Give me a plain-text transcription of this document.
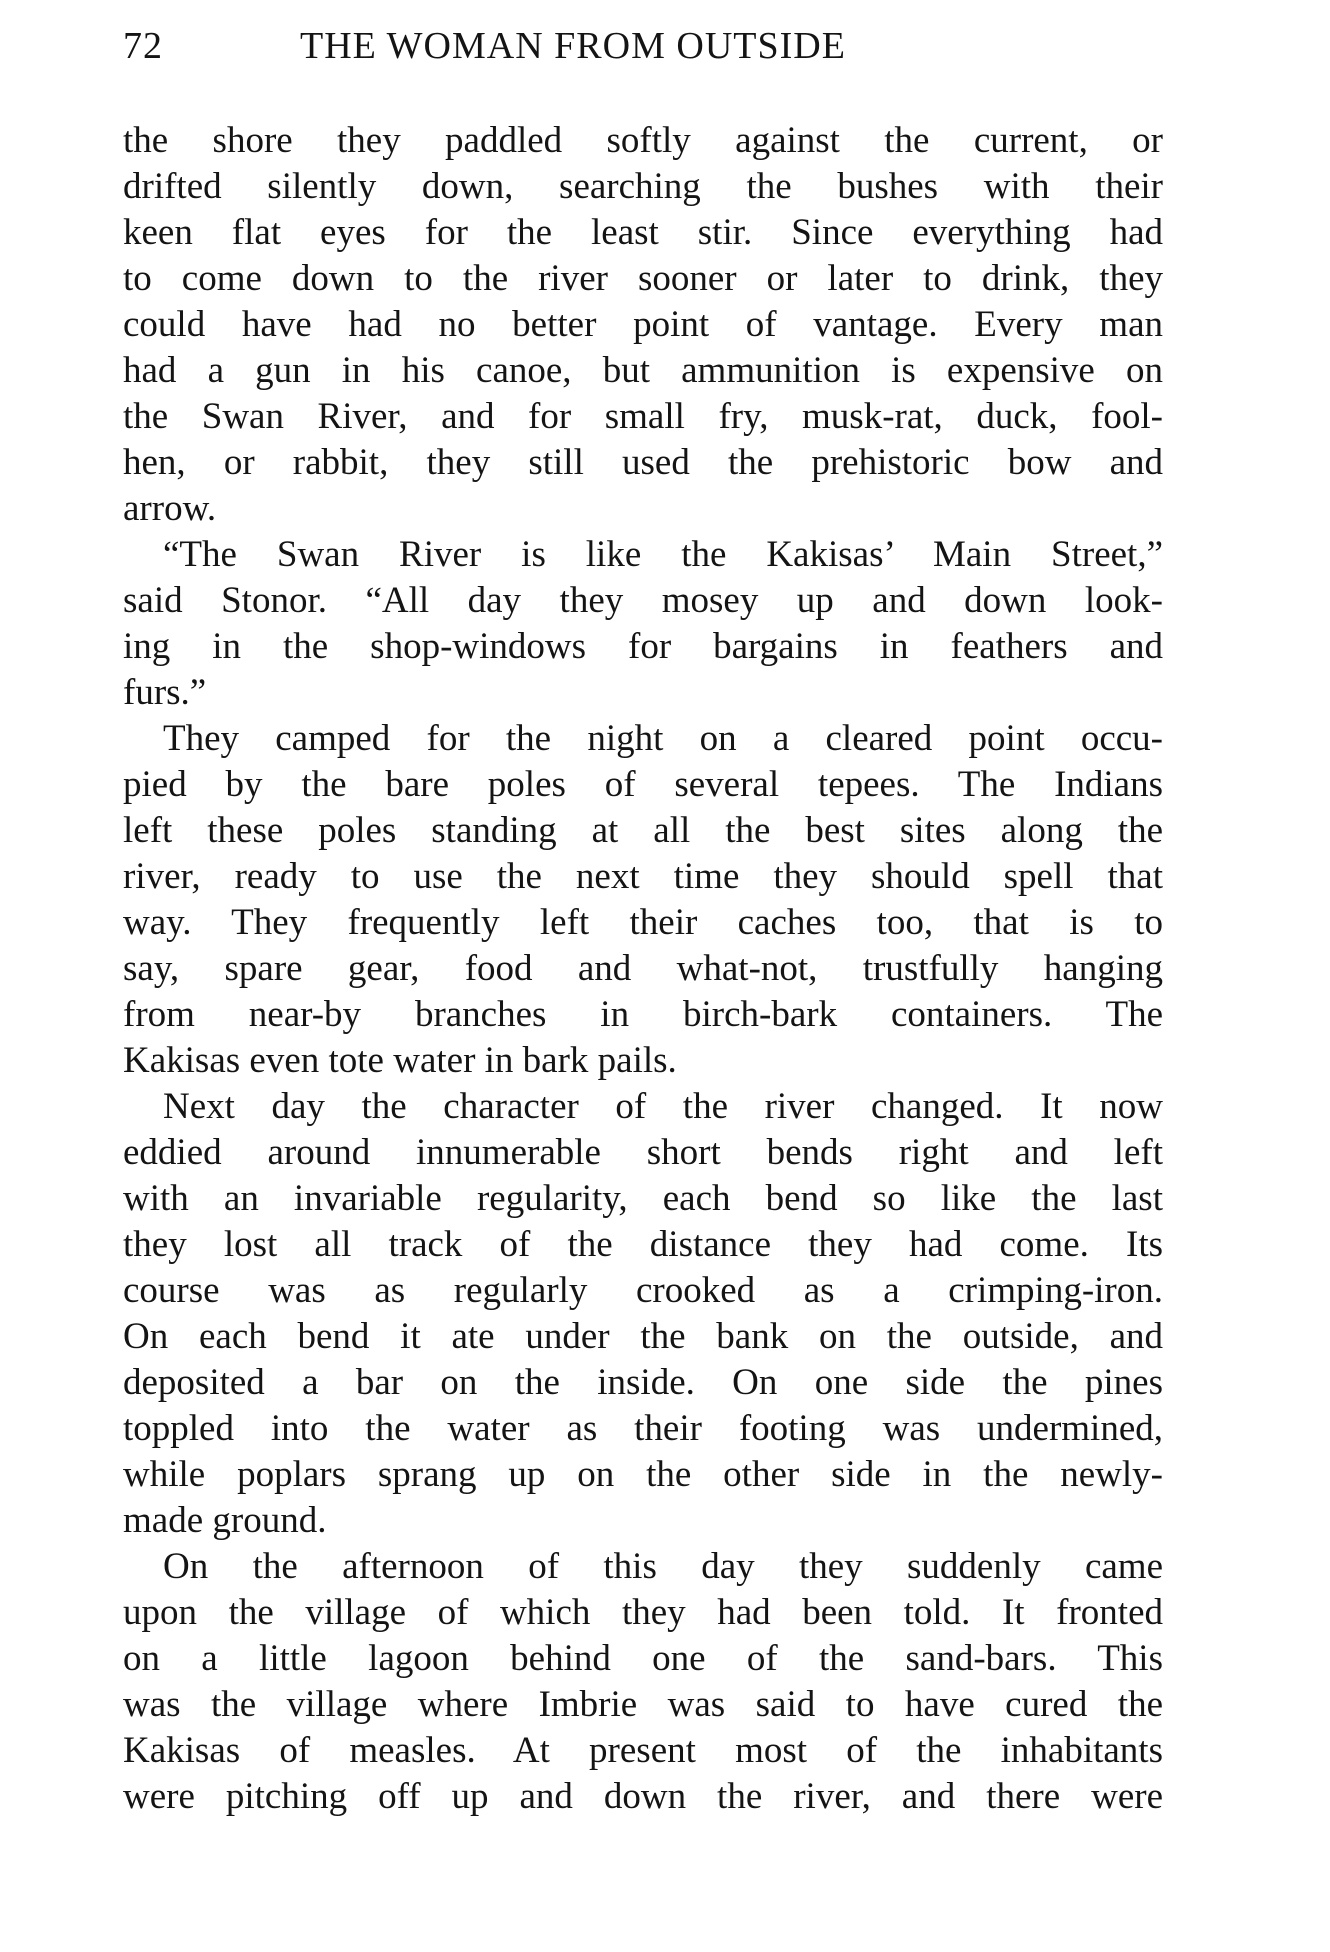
72	THE WOMAN FROM OUTSIDE
the shore they paddled softly against the current, or
drifted silently down, searching the bushes with their
keen flat eyes for the least stir. Since everything had
to come down to the river sooner or later to drink, they
could have had no better point of vantage. Every man
had a gun in his canoe, but ammunition is expensive on
the Swan River, and for small fry, musk-rat, duck, fool-
hen, or rabbit, they still used the prehistoric bow and
arrow.
“The Swan River is like the Kakisas’ Main Street,”
said Stonor. “All day they mosey up and down look-
ing in the shop-windows for bargains in feathers and
furs.”
They camped for the night on a cleared point occu-
pied by the bare poles of several tepees. The Indians
left these poles standing at all the best sites along the
river, ready to use the next time they should spell that
way. They frequently left their caches too, that is to
say, spare gear, food and what-not, trustfully hanging
from near-by branches in birch-bark containers. The
Kakisas even tote water in bark pails.
Next day the character of the river changed. It now
eddied around innumerable short bends right and left
with an invariable regularity, each bend so like the last
they lost all track of the distance they had come. Its
course was as regularly crooked as a crimping-iron.
On each bend it ate under the bank on the outside, and
deposited a bar on the inside. On one side the pines
toppled into the water as their footing was undermined,
while poplars sprang up on the other side in the newly-
made ground.
On the afternoon of this day they suddenly came
upon the village of which they had been told. It fronted
on a little lagoon behind one of the sand-bars. This
was the village where Imbrie was said to have cured the
Kakisas of measles. At present most of the inhabitants
were pitching off up and down the river, and there were
